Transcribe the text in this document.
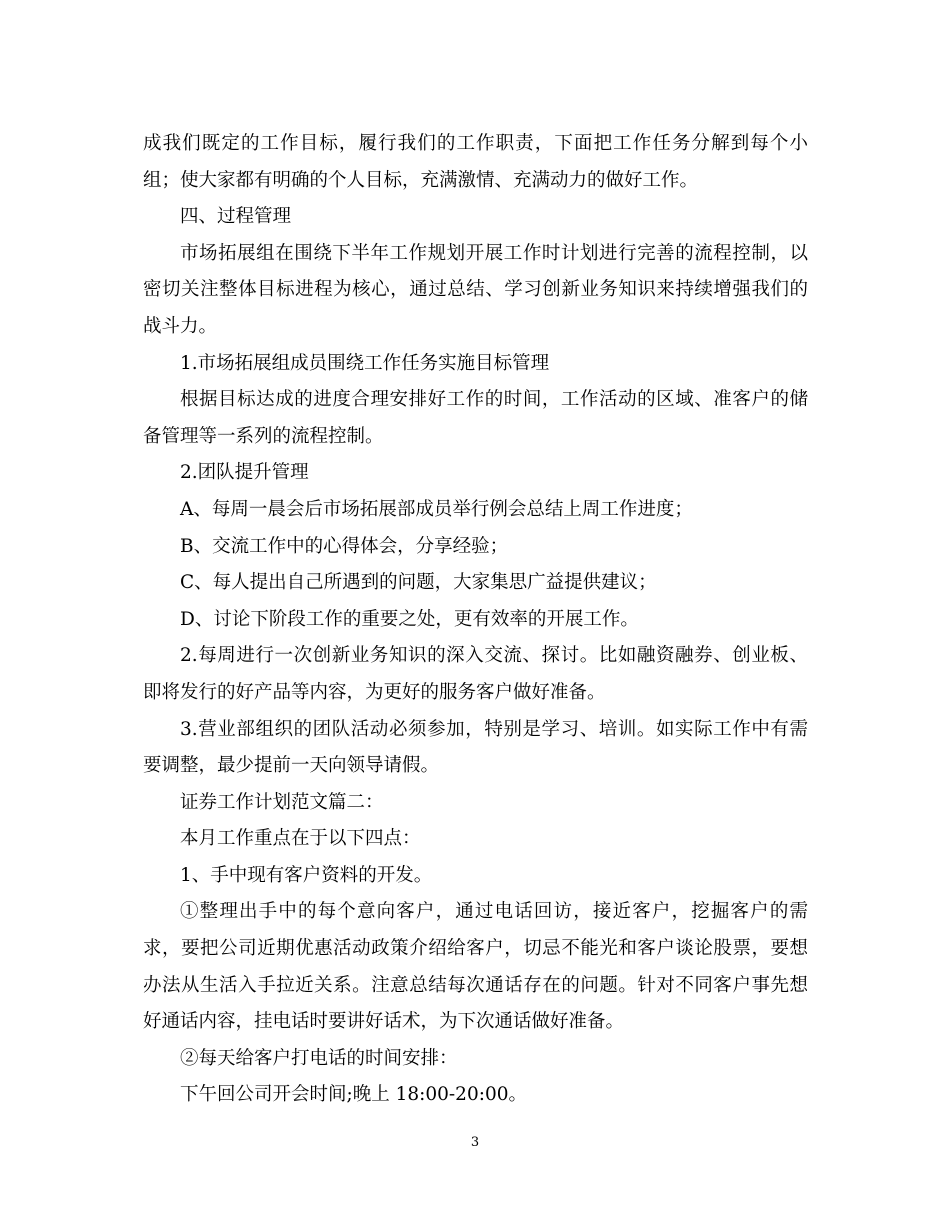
成我们既定的工作目标，履行我们的工作职责，下面把工作任务分解到每个小组；使大家都有明确的个人目标，充满激情、充满动力的做好工作。

四、过程管理

市场拓展组在围绕下半年工作规划开展工作时计划进行完善的流程控制，以密切关注整体目标进程为核心，通过总结、学习创新业务知识来持续增强我们的战斗力。

1.市场拓展组成员围绕工作任务实施目标管理

根据目标达成的进度合理安排好工作的时间，工作活动的区域、准客户的储备管理等一系列的流程控制。

2.团队提升管理

A、每周一晨会后市场拓展部成员举行例会总结上周工作进度；

B、交流工作中的心得体会，分享经验；

C、每人提出自己所遇到的问题，大家集思广益提供建议；

D、讨论下阶段工作的重要之处，更有效率的开展工作。

2.每周进行一次创新业务知识的深入交流、探讨。比如融资融券、创业板、即将发行的好产品等内容，为更好的服务客户做好准备。

3.营业部组织的团队活动必须参加，特别是学习、培训。如实际工作中有需要调整，最少提前一天向领导请假。

证券工作计划范文篇二：

本月工作重点在于以下四点：

1、手中现有客户资料的开发。

①整理出手中的每个意向客户，通过电话回访，接近客户，挖掘客户的需求，要把公司近期优惠活动政策介绍给客户，切忌不能光和客户谈论股票，要想办法从生活入手拉近关系。注意总结每次通话存在的问题。针对不同客户事先想好通话内容，挂电话时要讲好话术，为下次通话做好准备。

②每天给客户打电话的时间安排：

下午回公司开会时间;晚上 18:00-20:00。

3
